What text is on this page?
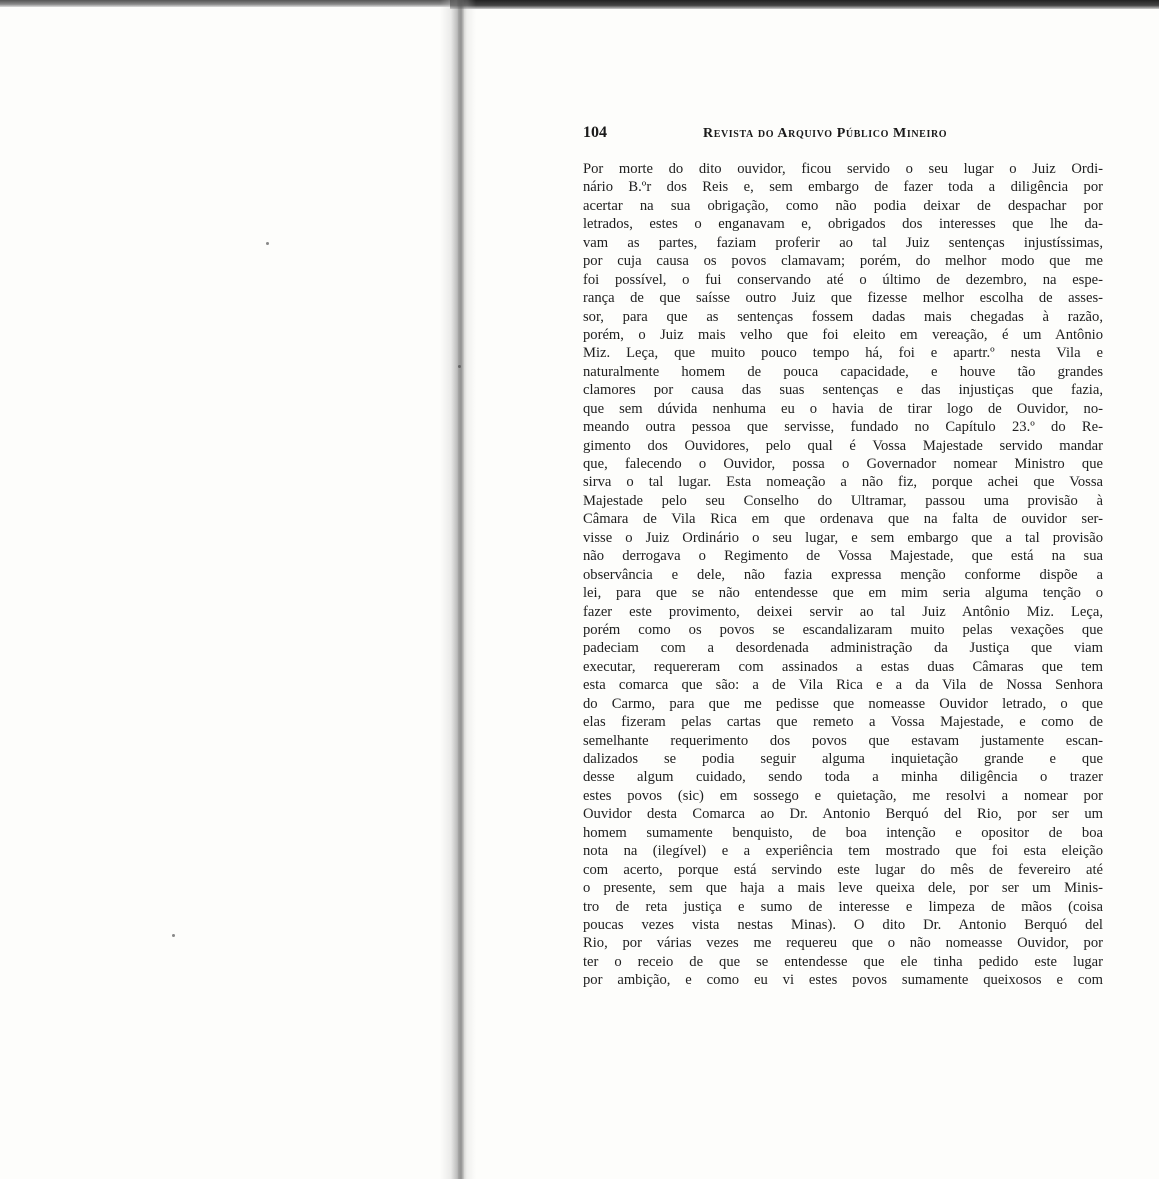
104	Revista do Arquivo Público Mineiro
Por morte do dito ouvidor, ficou servido o seu lugar o Juiz Ordi-
nário B.ºr dos Reis e, sem embargo de fazer toda a diligência por
acertar na sua obrigação, como não podia deixar de despachar por
letrados, estes o enganavam e, obrigados dos interesses que lhe da-
vam as partes, faziam proferir ao tal Juiz sentenças injustíssimas,
por cuja causa os povos clamavam; porém, do melhor modo que me
foi possível, o fui conservando até o último de dezembro, na espe-
rança de que saísse outro Juiz que fizesse melhor escolha de asses-
sor, para que as sentenças fossem dadas mais chegadas à razão,
porém, o Juiz mais velho que foi eleito em vereação, é um Antônio
Miz. Leça, que muito pouco tempo há, foi e apartr.º nesta Vila e
naturalmente homem de pouca capacidade, e houve tão grandes
clamores por causa das suas sentenças e das injustiças que fazia,
que sem dúvida nenhuma eu o havia de tirar logo de Ouvidor, no-
meando outra pessoa que servisse, fundado no Capítulo 23.º do Re-
gimento dos Ouvidores, pelo qual é Vossa Majestade servido mandar
que, falecendo o Ouvidor, possa o Governador nomear Ministro que
sirva o tal lugar. Esta nomeação a não fiz, porque achei que Vossa
Majestade pelo seu Conselho do Ultramar, passou uma provisão à
Câmara de Vila Rica em que ordenava que na falta de ouvidor ser-
visse o Juiz Ordinário o seu lugar, e sem embargo que a tal provisão
não derrogava o Regimento de Vossa Majestade, que está na sua
observância e dele, não fazia expressa menção conforme dispõe a
lei, para que se não entendesse que em mim seria alguma tenção o
fazer este provimento, deixei servir ao tal Juiz Antônio Miz. Leça,
porém como os povos se escandalizaram muito pelas vexações que
padeciam com a desordenada administração da Justiça que viam
executar, requereram com assinados a estas duas Câmaras que tem
esta comarca que são: a de Vila Rica e a da Vila de Nossa Senhora
do Carmo, para que me pedisse que nomeasse Ouvidor letrado, o que
elas fizeram pelas cartas que remeto a Vossa Majestade, e como de
semelhante requerimento dos povos que estavam justamente escan-
dalizados se podia seguir alguma inquietação grande e que
desse algum cuidado, sendo toda a minha diligência o trazer
estes povos (sic) em sossego e quietação, me resolvi a nomear por
Ouvidor desta Comarca ao Dr. Antonio Berquó del Rio, por ser um
homem sumamente benquisto, de boa intenção e opositor de boa
nota na (ilegível) e a experiência tem mostrado que foi esta eleição
com acerto, porque está servindo este lugar do mês de fevereiro até
o presente, sem que haja a mais leve queixa dele, por ser um Minis-
tro de reta justiça e sumo de interesse e limpeza de mãos (coisa
poucas vezes vista nestas Minas). O dito Dr. Antonio Berquó del
Rio, por várias vezes me requereu que o não nomeasse Ouvidor, por
ter o receio de que se entendesse que ele tinha pedido este lugar
por ambição, e como eu vi estes povos sumamente queixosos e com
